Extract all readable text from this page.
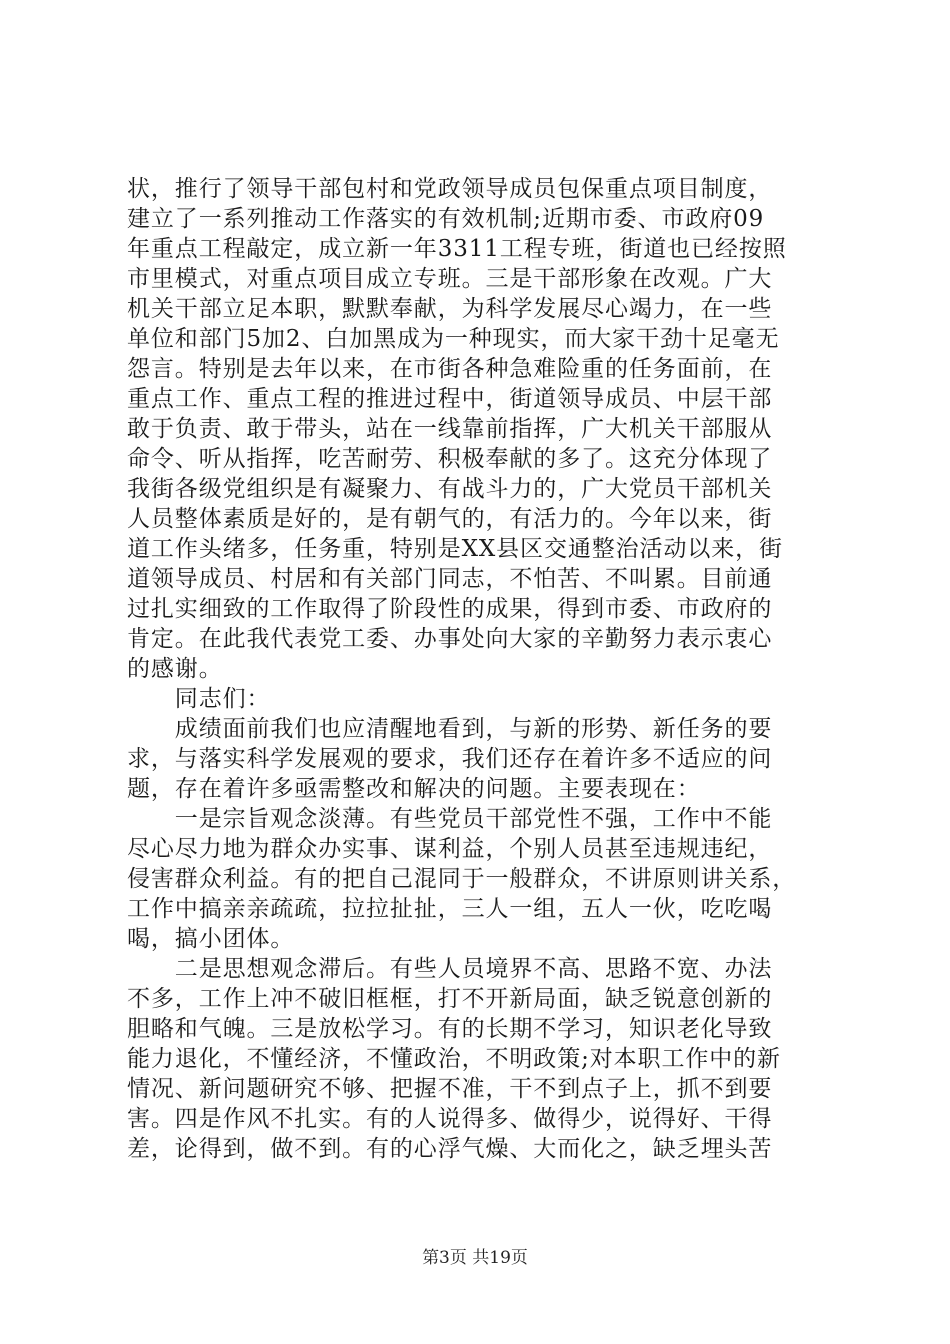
状，推行了领导干部包村和党政领导成员包保重点项目制度，
建立了一系列推动工作落实的有效机制;近期市委、市政府09
年重点工程敲定，成立新一年3311工程专班，街道也已经按照
市里模式，对重点项目成立专班。三是干部形象在改观。广大
机关干部立足本职，默默奉献，为科学发展尽心竭力，在一些
单位和部门5加2、白加黑成为一种现实，而大家干劲十足毫无
怨言。特别是去年以来，在市街各种急难险重的任务面前，在
重点工作、重点工程的推进过程中，街道领导成员、中层干部
敢于负责、敢于带头，站在一线靠前指挥，广大机关干部服从
命令、听从指挥，吃苦耐劳、积极奉献的多了。这充分体现了
我街各级党组织是有凝聚力、有战斗力的，广大党员干部机关
人员整体素质是好的，是有朝气的，有活力的。今年以来，街
道工作头绪多，任务重，特别是XX县区交通整治活动以来，街
道领导成员、村居和有关部门同志，不怕苦、不叫累。目前通
过扎实细致的工作取得了阶段性的成果，得到市委、市政府的
肯定。在此我代表党工委、办事处向大家的辛勤努力表示衷心
的感谢。
　　同志们：
　　成绩面前我们也应清醒地看到，与新的形势、新任务的要
求，与落实科学发展观的要求，我们还存在着许多不适应的问
题，存在着许多亟需整改和解决的问题。主要表现在：
　　一是宗旨观念淡薄。有些党员干部党性不强，工作中不能
尽心尽力地为群众办实事、谋利益，个别人员甚至违规违纪，
侵害群众利益。有的把自己混同于一般群众，不讲原则讲关系，
工作中搞亲亲疏疏，拉拉扯扯，三人一组，五人一伙，吃吃喝
喝，搞小团体。
　　二是思想观念滞后。有些人员境界不高、思路不宽、办法
不多，工作上冲不破旧框框，打不开新局面，缺乏锐意创新的
胆略和气魄。三是放松学习。有的长期不学习，知识老化导致
能力退化，不懂经济，不懂政治，不明政策;对本职工作中的新
情况、新问题研究不够、把握不准，干不到点子上，抓不到要
害。四是作风不扎实。有的人说得多、做得少，说得好、干得
差，论得到，做不到。有的心浮气燥、大而化之，缺乏埋头苦
第3页 共19页
